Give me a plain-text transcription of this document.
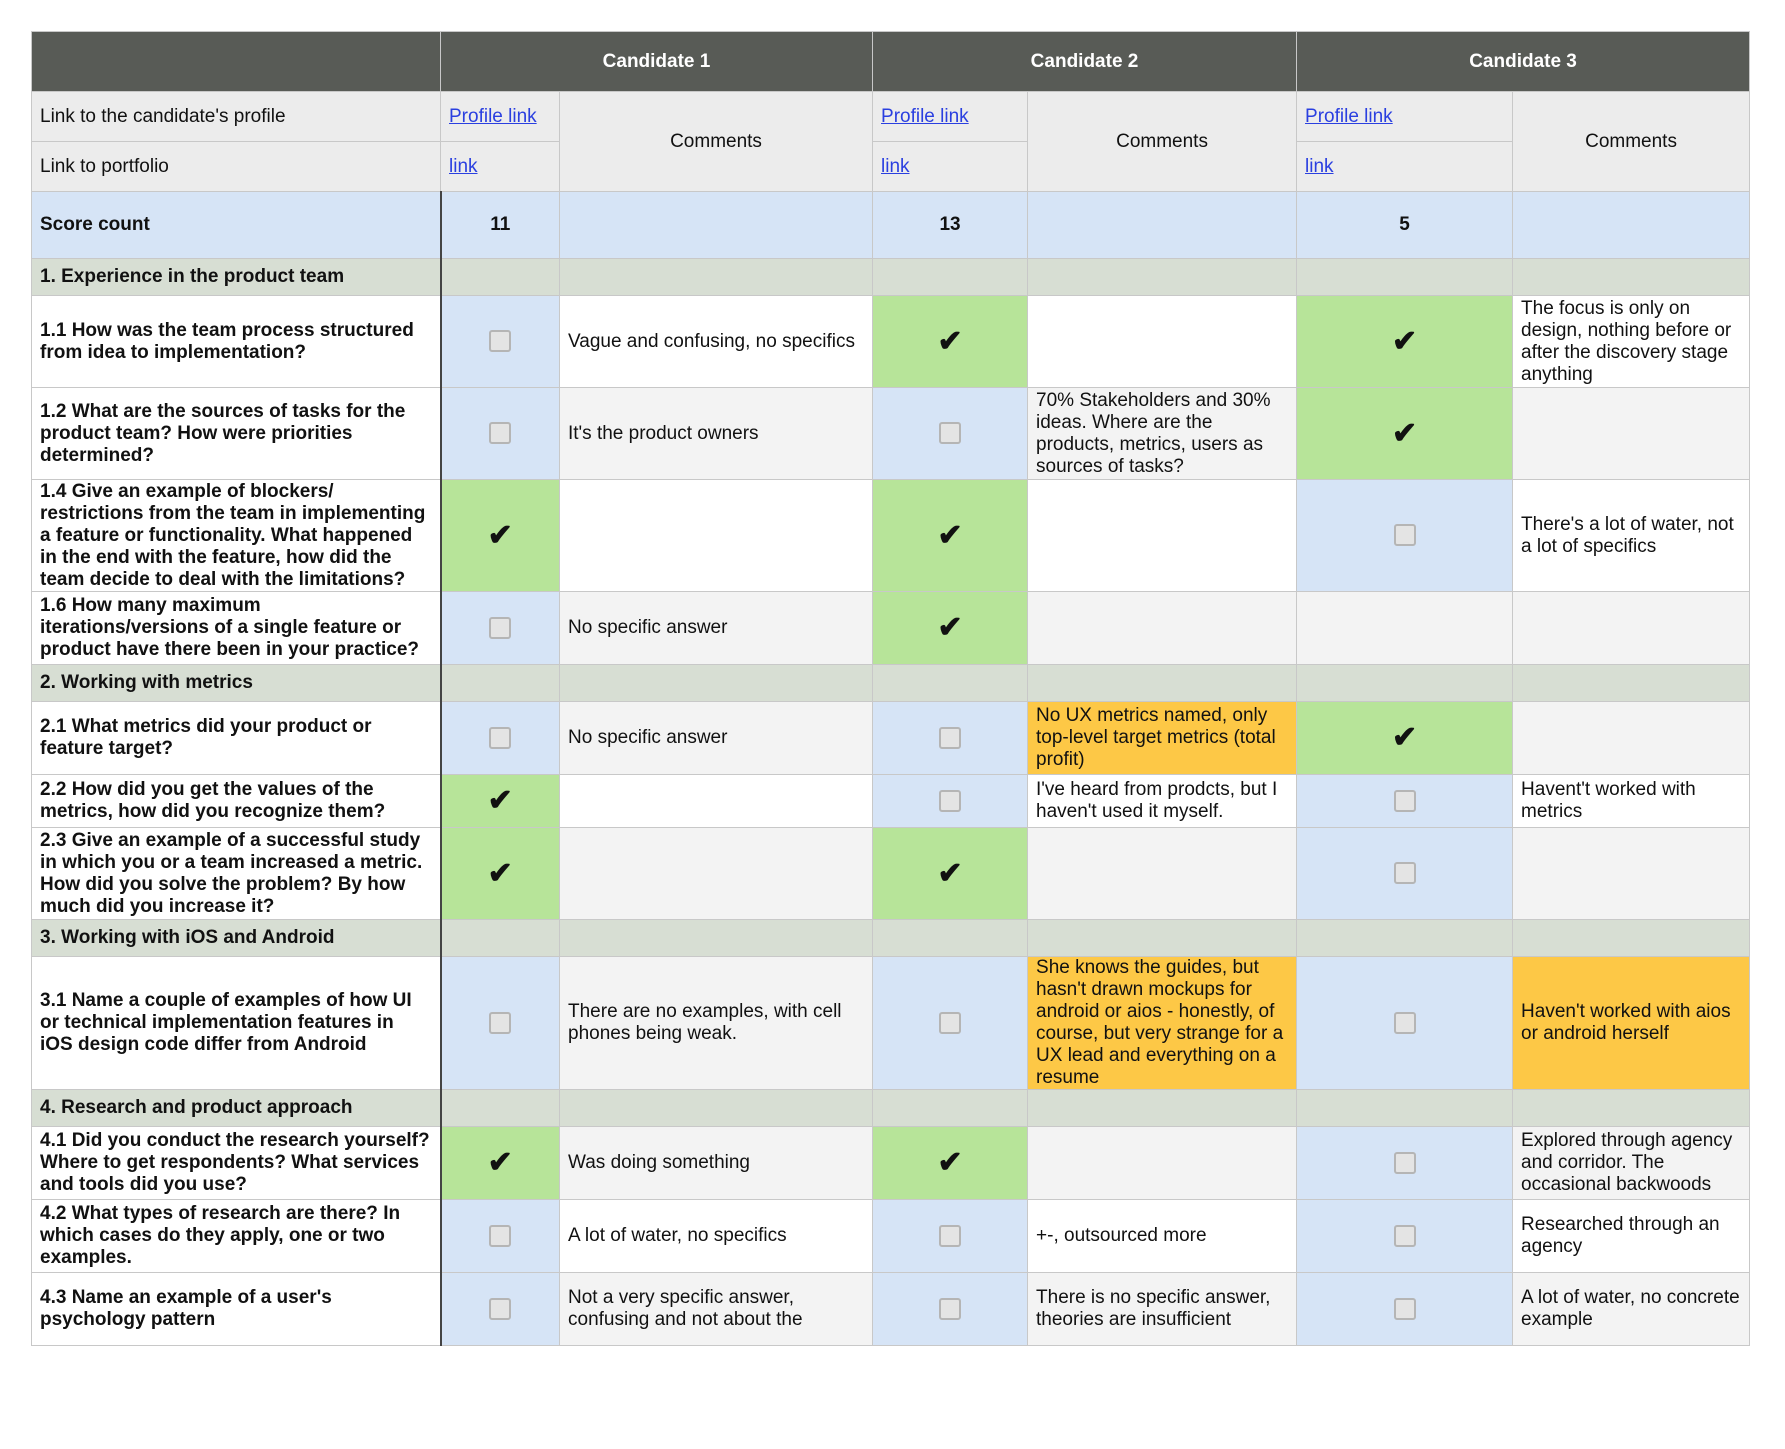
	Candidate 1		Candidate 2		Candidate 3	
Link to the candidate's profile	Profile link	Comments	Profile link	Comments	Profile link	Comments
Link to portfolio	link		link		link	
Score count	11		13		5	
1. Experience in the product team						
1.1 How was the team process structured from idea to implementation?		Vague and confusing, no specifics	✔		✔	The focus is only on design, nothing before or after the discovery stage anything
1.2 What are the sources of tasks for the product team? How were priorities determined?		It's the product owners		70% Stakeholders and 30% ideas. Where are the products, metrics, users as sources of tasks?	✔	
1.4 Give an example of blockers/ restrictions from the team in implementing a feature or functionality. What happened in the end with the feature, how did the team decide to deal with the limitations?	✔		✔			There's a lot of water, not a lot of specifics
1.6 How many maximum iterations/versions of a single feature or product have there been in your practice?		No specific answer	✔			
2. Working with metrics						
2.1 What metrics did your product or feature target?		No specific answer		No UX metrics named, only top-level target metrics (total profit)	✔	
2.2 How did you get the values of the metrics, how did you recognize them?	✔			I've heard from prodcts, but I haven't used it myself.		Havent't worked with metrics
2.3 Give an example of a successful study in which you or a team increased a metric. How did you solve the problem? By how much did you increase it?	✔		✔			
3. Working with iOS and Android						
3.1 Name a couple of examples of how UI or technical implementation features in iOS design code differ from Android		There are no examples, with cell phones being weak.		She knows the guides, but hasn't drawn mockups for android or aios - honestly, of course, but very strange for a UX lead and everything on a resume		Haven't worked with aios or android herself
4. Research and product approach						
4.1 Did you conduct the research yourself? Where to get respondents? What services and tools did you use?	✔	Was doing something	✔			Explored through agency and corridor. The occasional backwoods
4.2 What types of research are there? In which cases do they apply, one or two examples.		A lot of water, no specifics		+-, outsourced more		Researched through an agency
4.3 Name an example of a user's psychology pattern		Not a very specific answer, confusing and not about the		There is no specific answer, theories are insufficient		A lot of water, no concrete example
